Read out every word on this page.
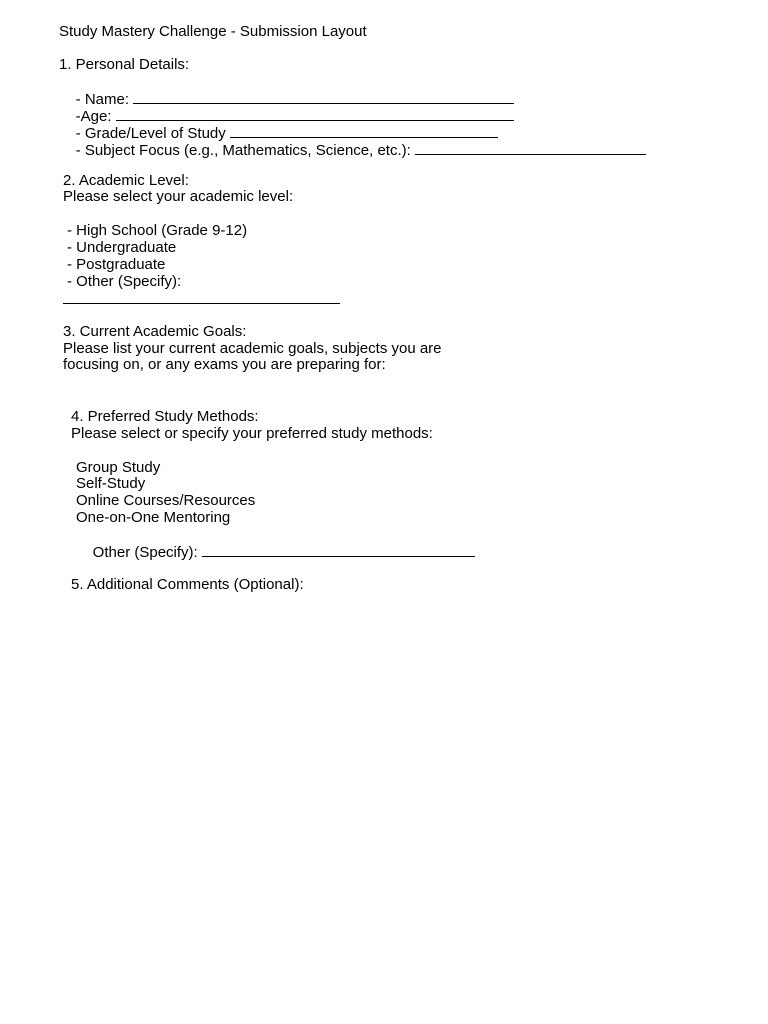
Study Mastery Challenge - Submission Layout
1. Personal Details:

- Name:

-Age:

- Grade/Level of Study

- Subject Focus (e.g., Mathematics, Science, etc.):

2. Academic Level:
Please select your academic level:
- High School (Grade 9-12)
- Undergraduate
- Postgraduate
- Other (Specify):
3. Current Academic Goals:
Please list your current academic goals, subjects you are
focusing on, or any exams you are preparing for:
4. Preferred Study Methods:
Please select or specify your preferred study methods:
Group Study
Self-Study
Online Courses/Resources
One-on-One Mentoring

Other (Specify):

5. Additional Comments (Optional):
